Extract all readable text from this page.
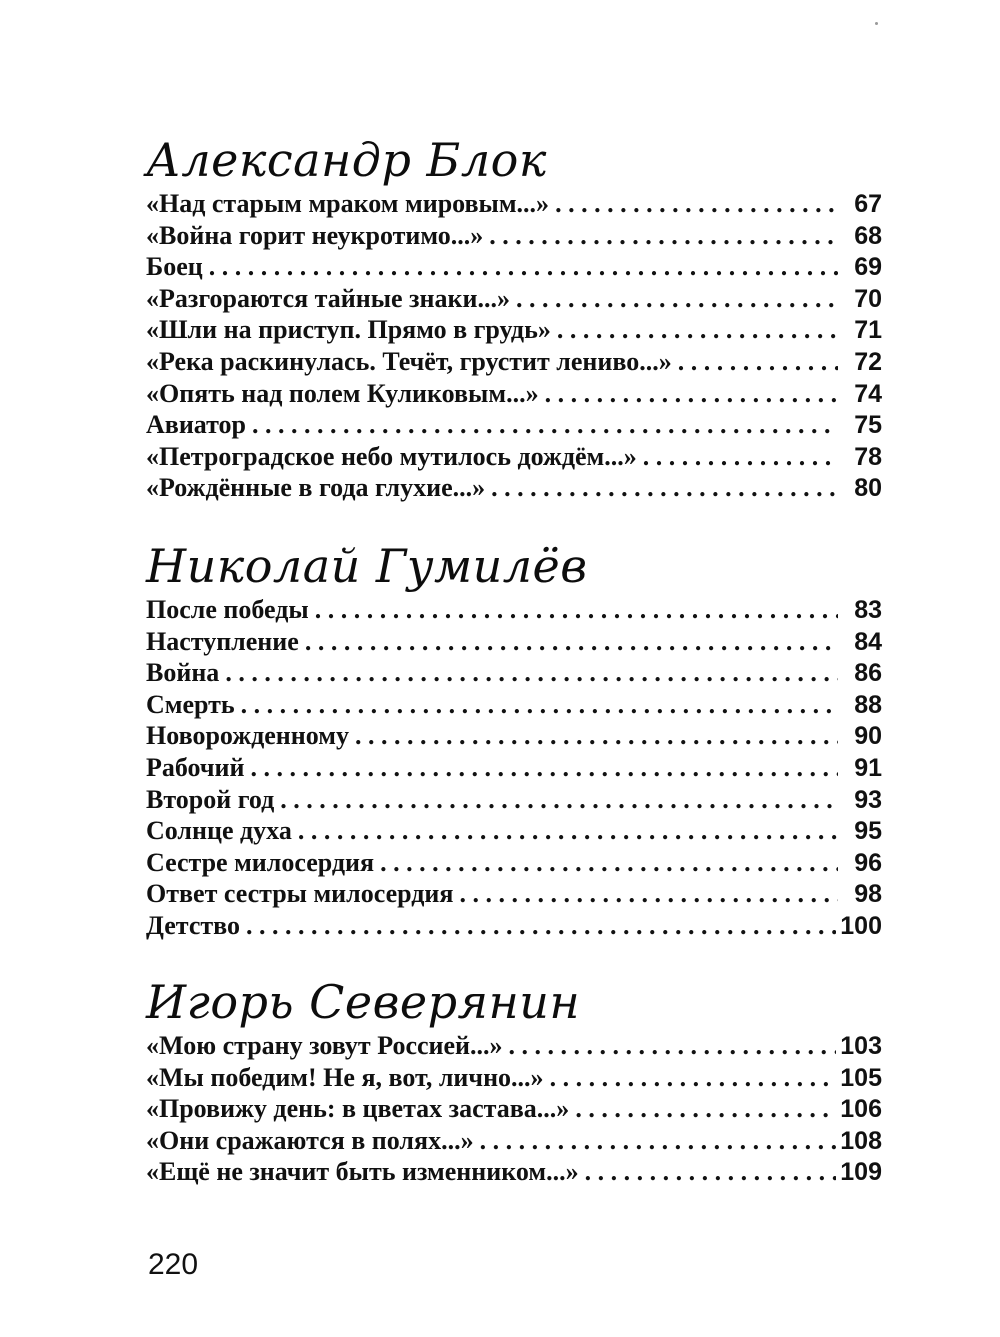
Александр Блок
«Над старым мраком мировым...» . . .	67
«Война горит неукротимо...» . . .	68
Боец . . .	69
«Разгораются тайные знаки...» . . .	70
«Шли на приступ. Прямо в грудь» . . .	71
«Река раскинулась. Течёт, грустит лениво...» . . .	72
«Опять над полем Куликовым...» . . .	74
Авиатор . . .	75
«Петроградское небо мутилось дождём...» . . .	78
«Рождённые в года глухие...» . . .	80
Николай Гумилёв
После победы . . .	83
Наступление . . .	84
Война . . .	86
Смерть . . .	88
Новорожденному . . .	90
Рабочий . . .	91
Второй год . . .	93
Солнце духа . . .	95
Сестре милосердия . . .	96
Ответ сестры милосердия . . .	98
Детство . . .	100
Игорь Северянин
«Мою страну зовут Россией...» . . .	103
«Мы победим! Не я, вот, лично...» . . .	105
«Провижу день: в цветах застава...» . . .	106
«Они сражаются в полях...» . . .	108
«Ещё не значит быть изменником...» . . .	109
220
